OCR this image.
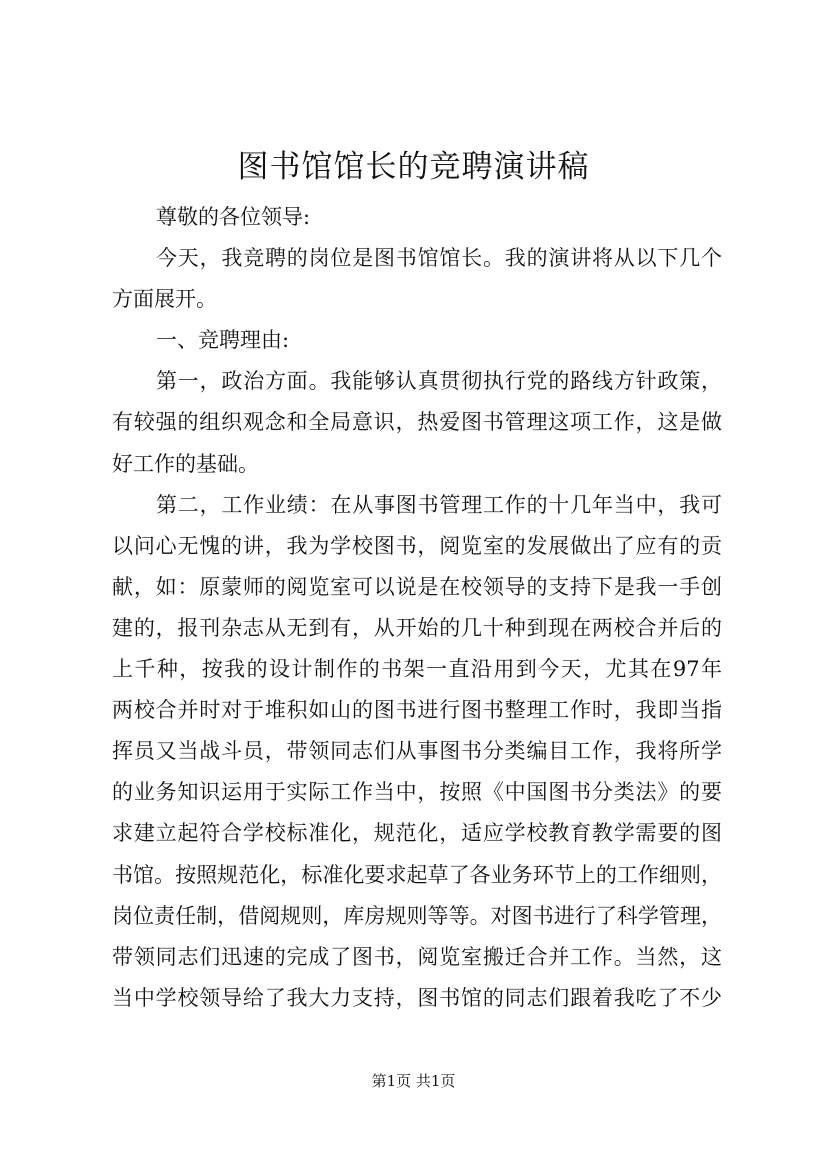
图书馆馆长的竞聘演讲稿
尊敬的各位领导:
今天，我竞聘的岗位是图书馆馆长。我的演讲将从以下几个
方面展开。
一、竞聘理由:
第一，政治方面。我能够认真贯彻执行党的路线方针政策，
有较强的组织观念和全局意识，热爱图书管理这项工作，这是做
好工作的基础。
第二，工作业绩：在从事图书管理工作的十几年当中，我可
以问心无愧的讲，我为学校图书，阅览室的发展做出了应有的贡
献，如：原蒙师的阅览室可以说是在校领导的支持下是我一手创
建的，报刊杂志从无到有，从开始的几十种到现在两校合并后的
上千种，按我的设计制作的书架一直沿用到今天，尤其在97年
两校合并时对于堆积如山的图书进行图书整理工作时，我即当指
挥员又当战斗员，带领同志们从事图书分类编目工作，我将所学
的业务知识运用于实际工作当中，按照《中国图书分类法》的要
求建立起符合学校标准化，规范化，适应学校教育教学需要的图
书馆。按照规范化，标准化要求起草了各业务环节上的工作细则，
岗位责任制，借阅规则，库房规则等等。对图书进行了科学管理，
带领同志们迅速的完成了图书，阅览室搬迁合并工作。当然，这
当中学校领导给了我大力支持，图书馆的同志们跟着我吃了不少
第1页 共1页
